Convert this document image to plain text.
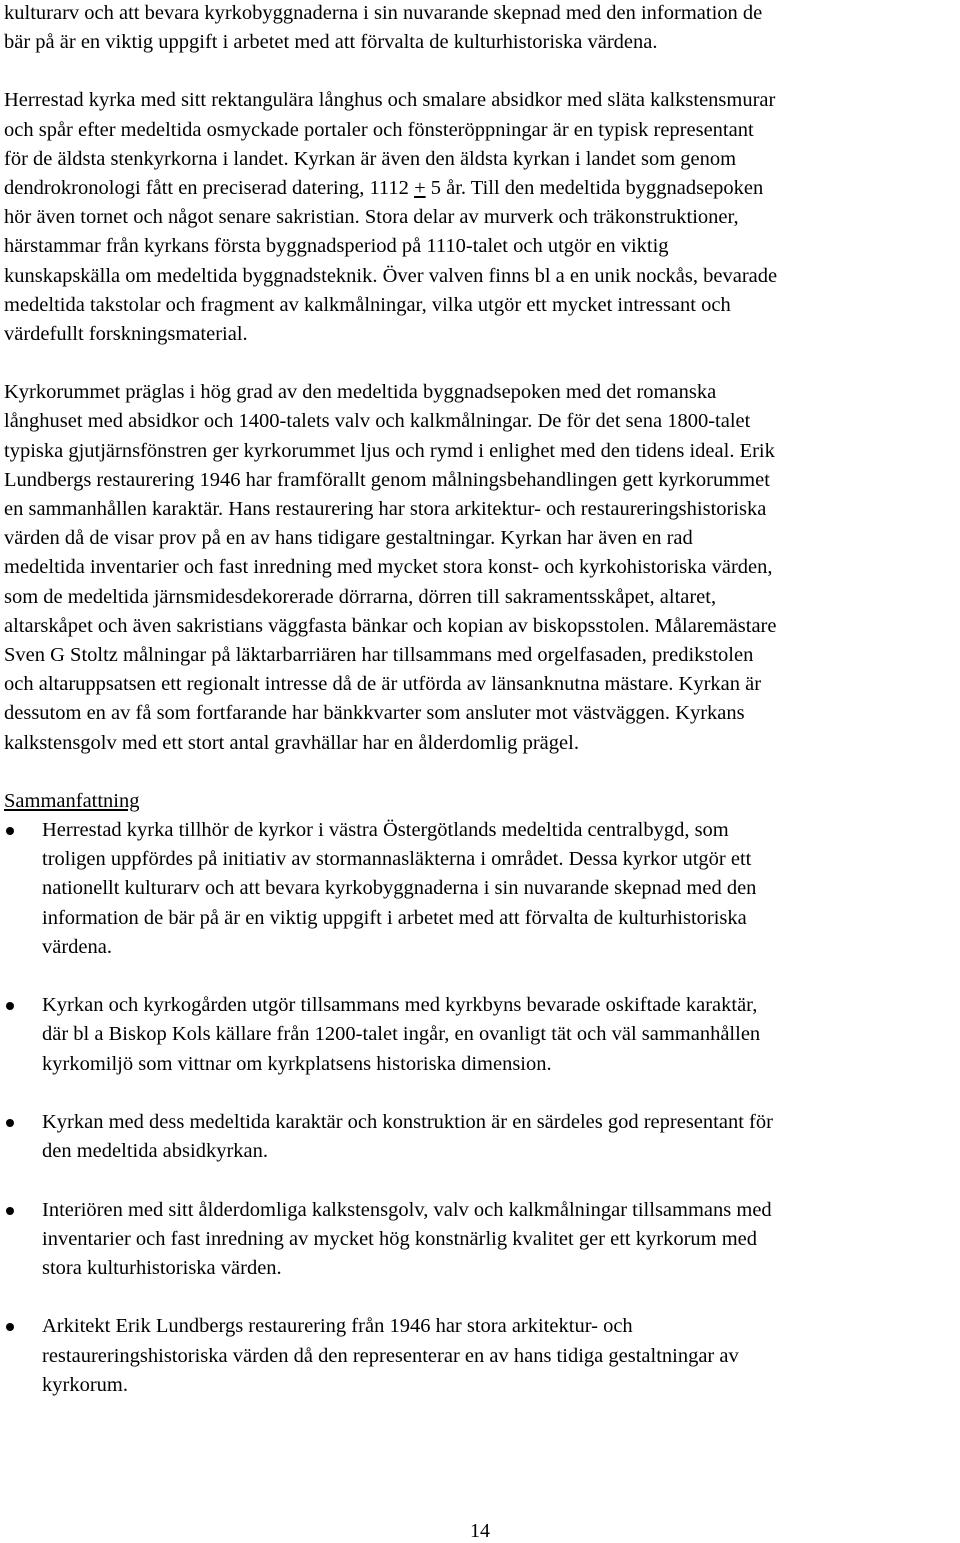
kulturarv och att bevara kyrkobyggnaderna i sin nuvarande skepnad med den information de

bär på är en viktig uppgift i arbetet med att förvalta de kulturhistoriska värdena.

Herrestad kyrka med sitt rektangulära långhus och smalare absidkor med släta kalkstensmurar

och spår efter medeltida osmyckade portaler och fönsteröppningar är en typisk representant

för de äldsta stenkyrkorna i landet. Kyrkan är även den äldsta kyrkan i landet som genom

dendrokronologi fått en preciserad datering, 1112 + 5 år. Till den medeltida byggnadsepoken

hör även tornet och något senare sakristian. Stora delar av murverk och träkonstruktioner,

härstammar från kyrkans första byggnadsperiod på 1110-talet och utgör en viktig

kunskapskälla om medeltida byggnadsteknik. Över valven finns bl a en unik nockås, bevarade

medeltida takstolar och fragment av kalkmålningar, vilka utgör ett mycket intressant och

värdefullt forskningsmaterial.

Kyrkorummet präglas i hög grad av den medeltida byggnadsepoken med det romanska

långhuset med absidkor och 1400-talets valv och kalkmålningar. De för det sena 1800-talet

typiska gjutjärnsfönstren ger kyrkorummet ljus och rymd i enlighet med den tidens ideal. Erik

Lundbergs restaurering 1946 har framförallt genom målningsbehandlingen gett kyrkorummet

en sammanhållen karaktär. Hans restaurering har stora arkitektur- och restaureringshistoriska

värden då de visar prov på en av hans tidigare gestaltningar. Kyrkan har även en rad

medeltida inventarier och fast inredning med mycket stora konst- och kyrkohistoriska värden,

som de medeltida järnsmidesdekorerade dörrarna, dörren till sakramentsskåpet, altaret,

altarskåpet och även sakristians väggfasta bänkar och kopian av biskopsstolen. Målaremästare

Sven G Stoltz målningar på läktarbarriären har tillsammans med orgelfasaden, predikstolen

och altaruppsatsen ett regionalt intresse då de är utförda av länsanknutna mästare. Kyrkan är

dessutom en av få som fortfarande har bänkkvarter som ansluter mot västväggen. Kyrkans

kalkstensgolv med ett stort antal gravhällar har en ålderdomlig prägel.

Sammanfattning

Herrestad kyrka tillhör de kyrkor i västra Östergötlands medeltida centralbygd, som

troligen uppfördes på initiativ av stormannasläkterna i området. Dessa kyrkor utgör ett

nationellt kulturarv och att bevara kyrkobyggnaderna i sin nuvarande skepnad med den

information de bär på är en viktig uppgift i arbetet med att förvalta de kulturhistoriska

värdena.

Kyrkan och kyrkogården utgör tillsammans med kyrkbyns bevarade oskiftade karaktär,

där bl a Biskop Kols källare från 1200-talet ingår, en ovanligt tät och väl sammanhållen

kyrkomiljö som vittnar om kyrkplatsens historiska dimension.

Kyrkan med dess medeltida karaktär och konstruktion är en särdeles god representant för

den medeltida absidkyrkan.

Interiören med sitt ålderdomliga kalkstensgolv, valv och kalkmålningar tillsammans med

inventarier och fast inredning av mycket hög konstnärlig kvalitet ger ett kyrkorum med

stora kulturhistoriska värden.

Arkitekt Erik Lundbergs restaurering från 1946 har stora arkitektur- och

restaureringshistoriska värden då den representerar en av hans tidiga gestaltningar av

kyrkorum.

14
